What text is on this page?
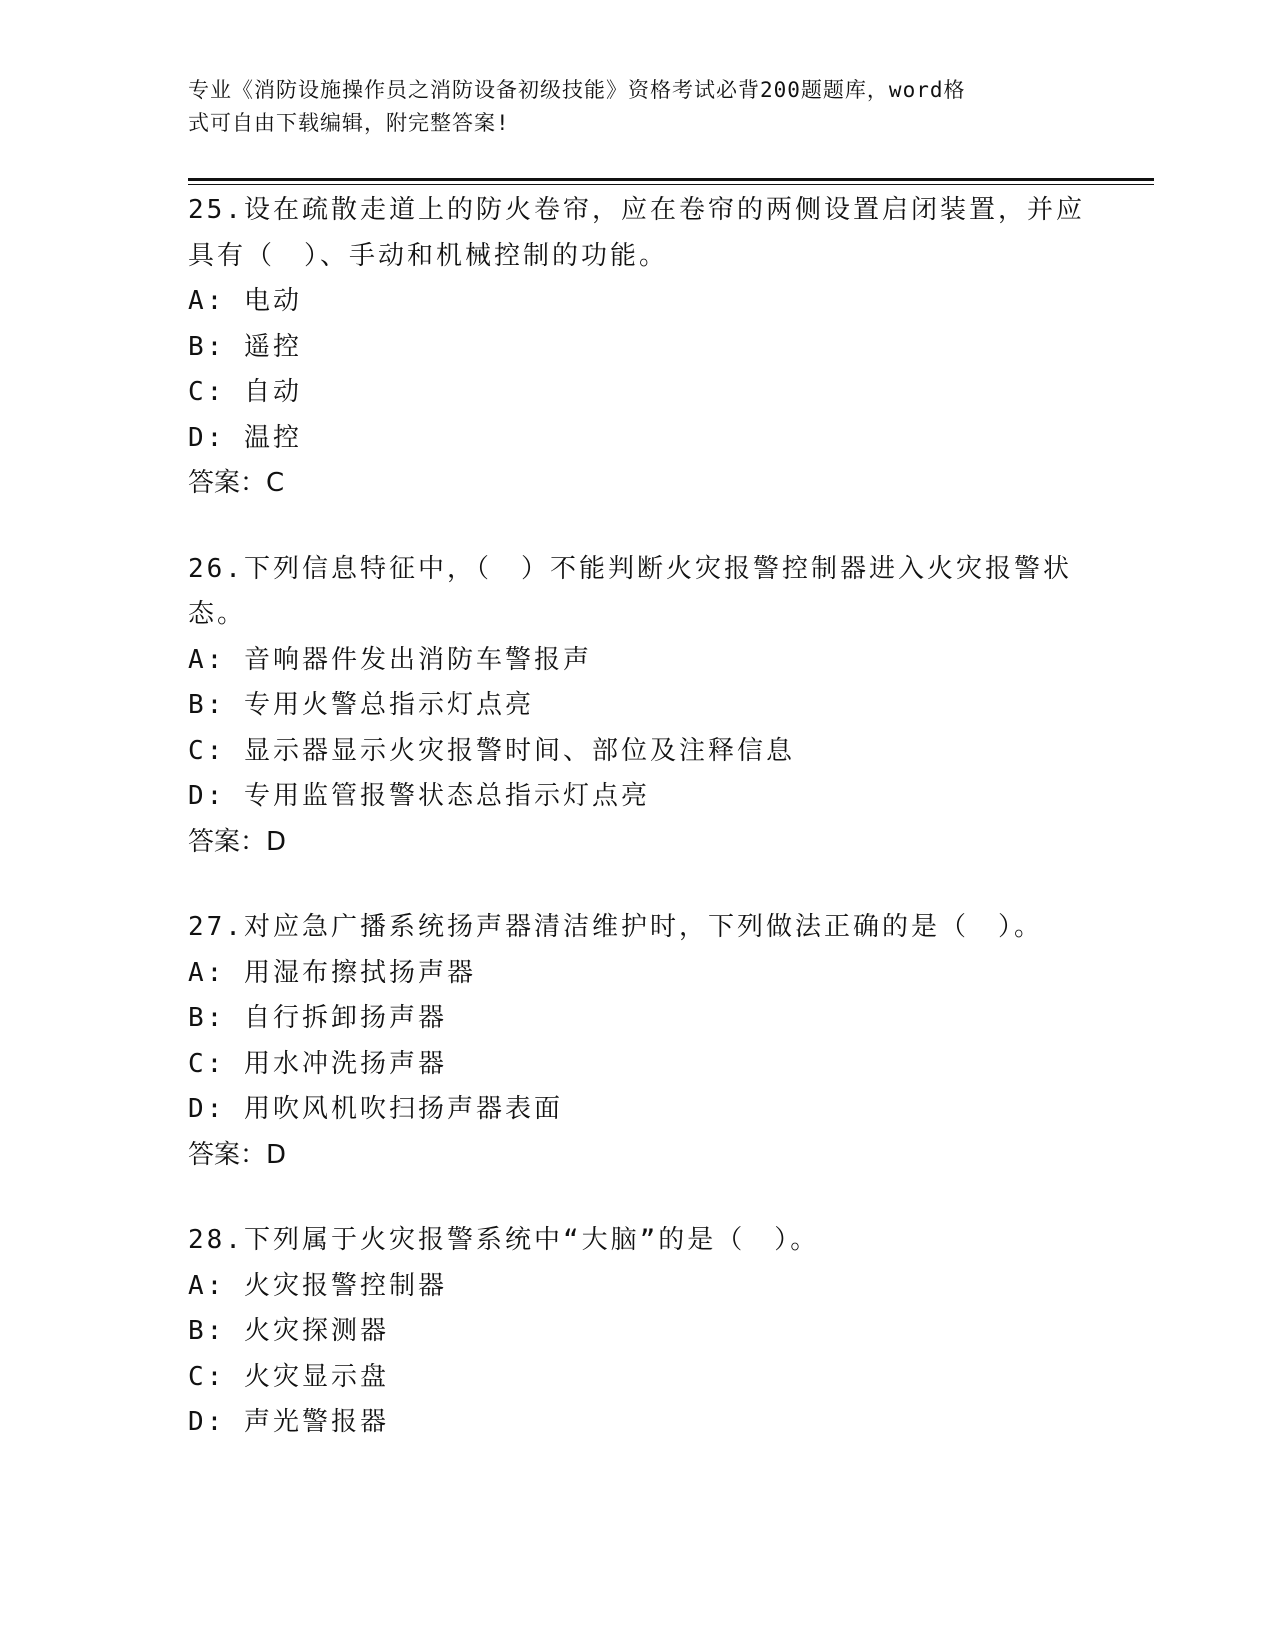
专业《消防设施操作员之消防设备初级技能》资格考试必背200题题库，word格

式可自由下载编辑，附完整答案!

25.设在疏散走道上的防火卷帘，应在卷帘的两侧设置启闭装置，并应
具有（　）、手动和机械控制的功能。
A: 电动
B: 遥控
C: 自动
D: 温控
答案：C
26.下列信息特征中，（　）不能判断火灾报警控制器进入火灾报警状
态。
A: 音响器件发出消防车警报声
B: 专用火警总指示灯点亮
C: 显示器显示火灾报警时间、部位及注释信息
D: 专用监管报警状态总指示灯点亮
答案：D
27.对应急广播系统扬声器清洁维护时，下列做法正确的是（　）。
A: 用湿布擦拭扬声器
B: 自行拆卸扬声器
C: 用水冲洗扬声器
D: 用吹风机吹扫扬声器表面
答案：D
28.下列属于火灾报警系统中“大脑”的是（　）。
A: 火灾报警控制器
B: 火灾探测器
C: 火灾显示盘
D: 声光警报器
